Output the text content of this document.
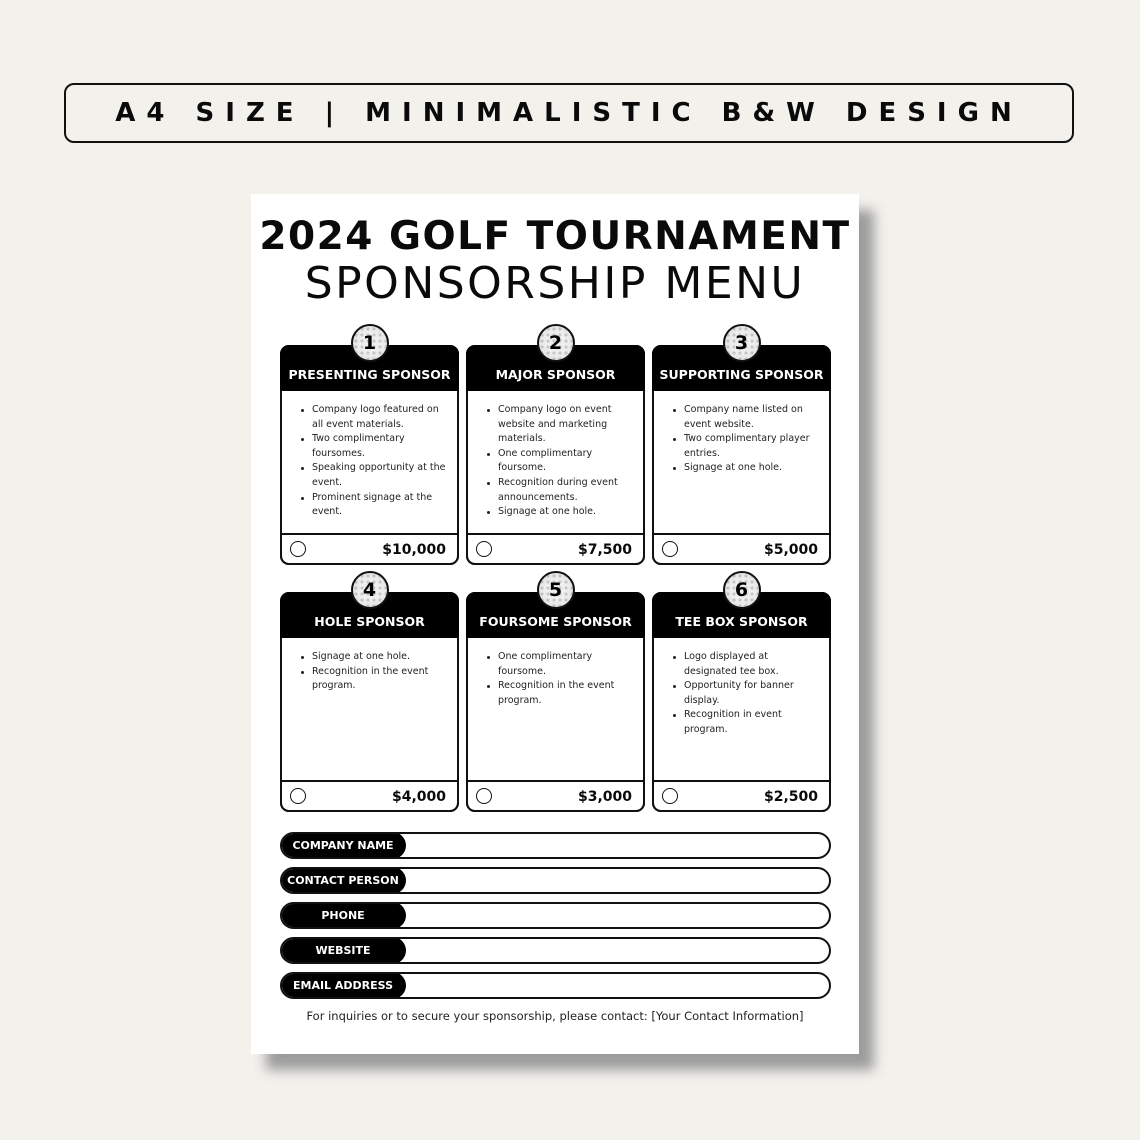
A4 SIZE | MINIMALISTIC B&W DESIGN
2024 GOLF TOURNAMENT
SPONSORSHIP MENU
PRESENTING SPONSOR
1
Company logo featured on all event materials.
Two complimentary foursomes.
Speaking opportunity at the event.
Prominent signage at the event.
$10,000
MAJOR SPONSOR
2
Company logo on event website and marketing materials.
One complimentary foursome.
Recognition during event announcements.
Signage at one hole.
$7,500
SUPPORTING SPONSOR
3
Company name listed on event website.
Two complimentary player entries.
Signage at one hole.
$5,000
HOLE SPONSOR
4
Signage at one hole.
Recognition in the event program.
$4,000
FOURSOME SPONSOR
5
One complimentary foursome.
Recognition in the event program.
$3,000
TEE BOX SPONSOR
6
Logo displayed at designated tee box.
Opportunity for banner display.
Recognition in event program.
$2,500
COMPANY NAME
CONTACT PERSON
PHONE
WEBSITE
EMAIL ADDRESS
For inquiries or to secure your sponsorship, please contact: [Your Contact Information]
